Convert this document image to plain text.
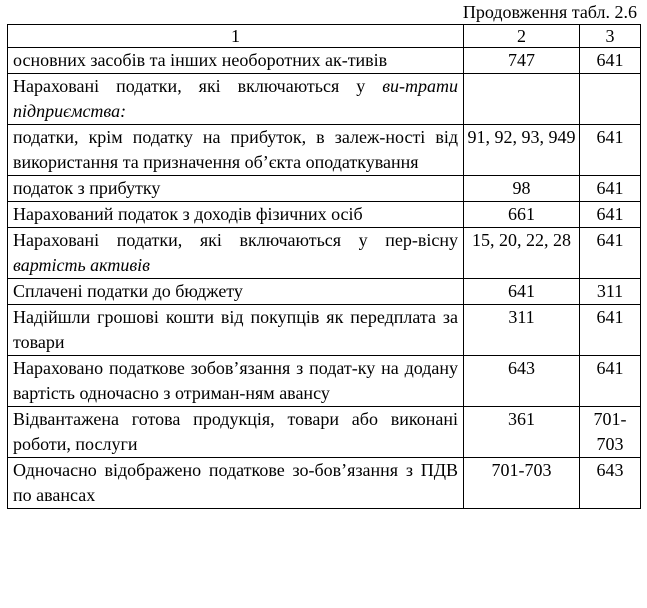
Продовження табл. 2.6
1	2	3
основних засобів та інших необоротних ак-тивів	747	641
Нараховані податки, які включаються у ви-трати підприємства:		
податки, крім податку на прибуток, в залеж-ності від використання та призначення об’єкта оподаткування	91, 92, 93, 949	641
податок з прибутку	98	641
Нарахований податок з доходів фізичних осіб	661	641
Нараховані податки, які включаються у пер-вісну вартість активів	15, 20, 22, 28	641
Сплачені податки до бюджету	641	311
Надійшли грошові кошти від покупців як передплата за товари	311	641
Нараховано податкове зобов’язання з подат-ку на додану вартість одночасно з отриман-ням авансу	643	641
Відвантажена готова продукція, товари або виконані роботи, послуги	361	701-703
Одночасно відображено податкове зо-бов’язання з ПДВ по авансах	701-703	643
